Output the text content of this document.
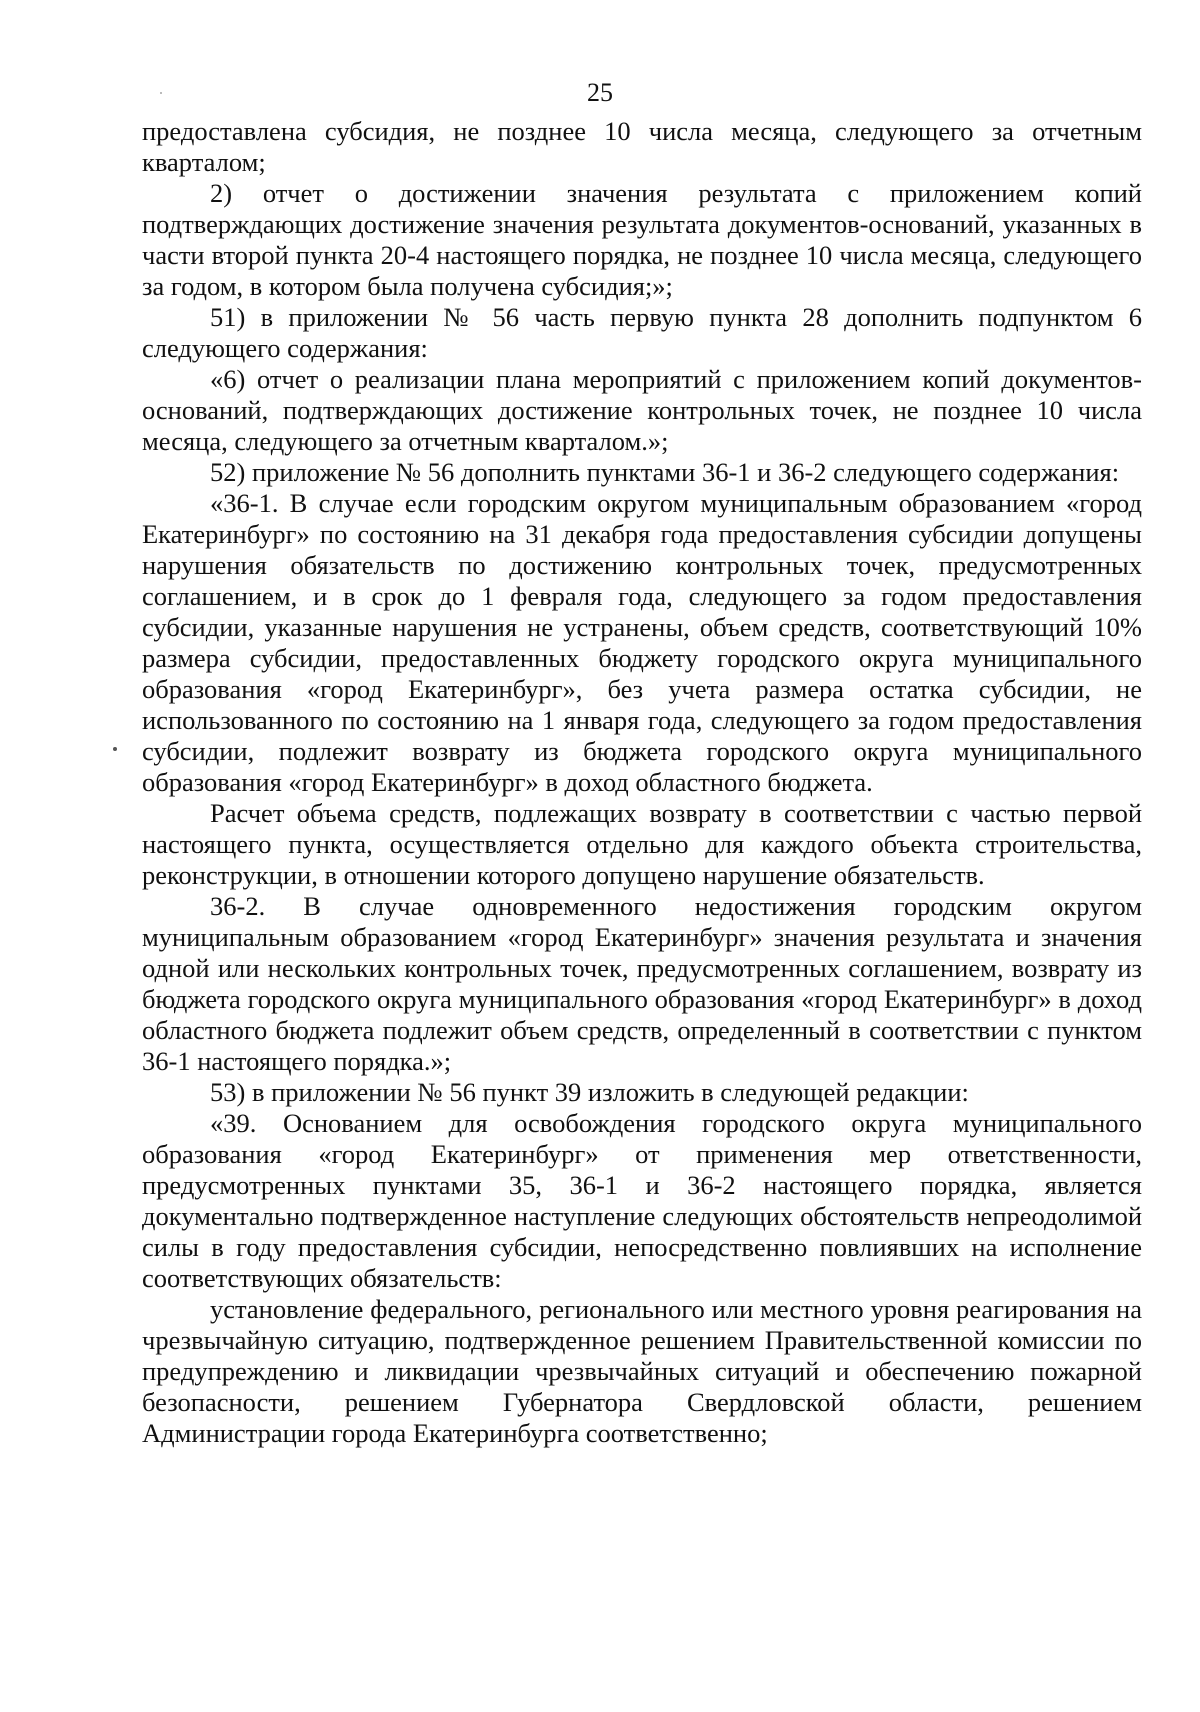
25

предоставлена субсидия, не позднее 10 числа месяца, следующего за отчетным кварталом;

2) отчет о достижении значения результата с приложением копий подтверждающих достижение значения результата документов-оснований, указанных в части второй пункта 20-4 настоящего порядка, не позднее 10 числа месяца, следующего за годом, в котором была получена субсидия;»;

51) в приложении № 56 часть первую пункта 28 дополнить подпунктом 6 следующего содержания:

«6) отчет о реализации плана мероприятий с приложением копий документов-оснований, подтверждающих достижение контрольных точек, не позднее 10 числа месяца, следующего за отчетным кварталом.»;

52) приложение № 56 дополнить пунктами 36-1 и 36-2 следующего содержания:

«36-1. В случае если городским округом муниципальным образованием «город Екатеринбург» по состоянию на 31 декабря года предоставления субсидии допущены нарушения обязательств по достижению контрольных точек, предусмотренных соглашением, и в срок до 1 февраля года, следующего за годом предоставления субсидии, указанные нарушения не устранены, объем средств, соответствующий 10% размера субсидии, предоставленных бюджету городского округа муниципального образования «город Екатеринбург», без учета размера остатка субсидии, не использованного по состоянию на 1 января года, следующего за годом предоставления субсидии, подлежит возврату из бюджета городского округа муниципального образования «город Екатеринбург» в доход областного бюджета.

Расчет объема средств, подлежащих возврату в соответствии с частью первой настоящего пункта, осуществляется отдельно для каждого объекта строительства, реконструкции, в отношении которого допущено нарушение обязательств.

36-2. В случае одновременного недостижения городским округом муниципальным образованием «город Екатеринбург» значения результата и значения одной или нескольких контрольных точек, предусмотренных соглашением, возврату из бюджета городского округа муниципального образования «город Екатеринбург» в доход областного бюджета подлежит объем средств, определенный в соответствии с пунктом 36-1 настоящего порядка.»;

53) в приложении № 56 пункт 39 изложить в следующей редакции:

«39. Основанием для освобождения городского округа муниципального образования «город Екатеринбург» от применения мер ответственности, предусмотренных пунктами 35, 36-1 и 36-2 настоящего порядка, является документально подтвержденное наступление следующих обстоятельств непреодолимой силы в году предоставления субсидии, непосредственно повлиявших на исполнение соответствующих обязательств:

установление федерального, регионального или местного уровня реагирования на чрезвычайную ситуацию, подтвержденное решением Правительственной комиссии по предупреждению и ликвидации чрезвычайных ситуаций и обеспечению пожарной безопасности, решением Губернатора Свердловской области, решением Администрации города Екатеринбурга соответственно;
